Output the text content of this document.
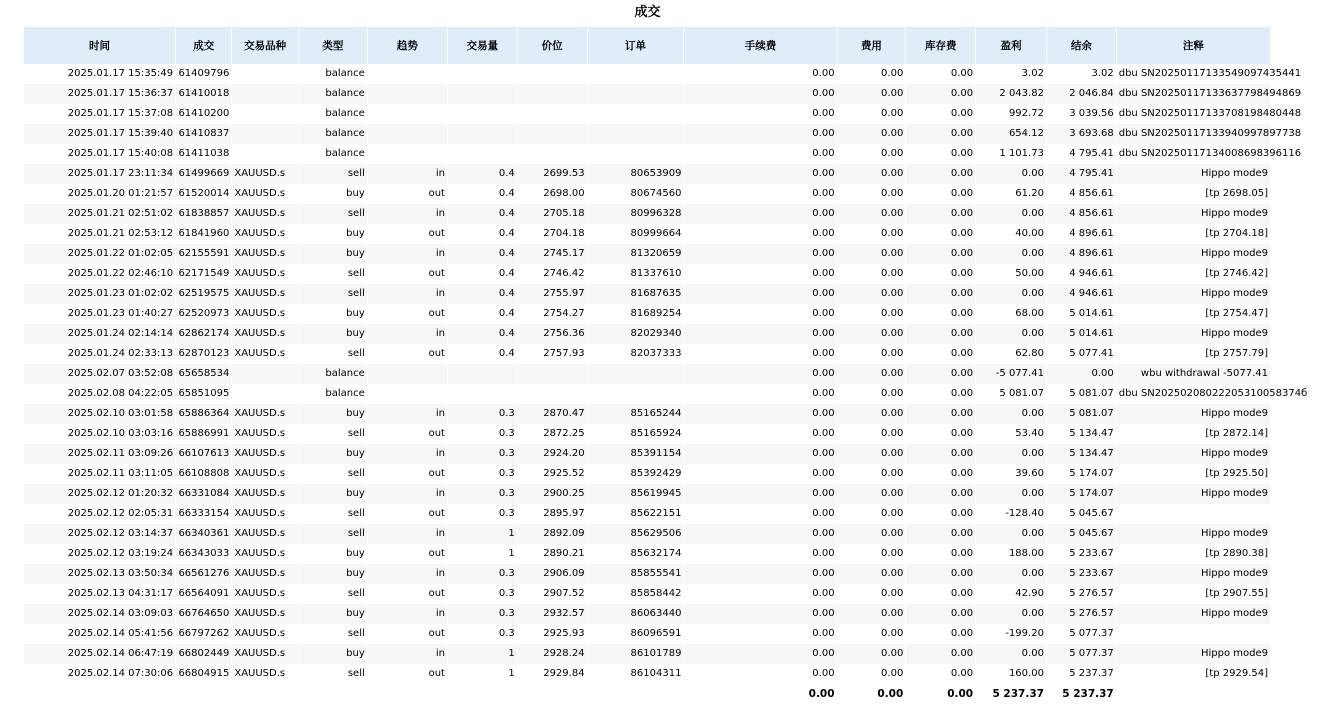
成交
时间	成交	交易品种	类型	趋势	交易量	价位	订单	手续费	费用	库存费	盈利	结余	注释
2025.01.17 15:35:49	61409796		balance					0.00	0.00	0.00	3.02	3.02	dbu SN20250117133549097435441
2025.01.17 15:36:37	61410018		balance					0.00	0.00	0.00	2 043.82	2 046.84	dbu SN20250117133637798494869
2025.01.17 15:37:08	61410200		balance					0.00	0.00	0.00	992.72	3 039.56	dbu SN20250117133708198480448
2025.01.17 15:39:40	61410837		balance					0.00	0.00	0.00	654.12	3 693.68	dbu SN20250117133940997897738
2025.01.17 15:40:08	61411038		balance					0.00	0.00	0.00	1 101.73	4 795.41	dbu SN20250117134008698396116
2025.01.17 23:11:34	61499669	XAUUSD.s	sell	in	0.4	2699.53	80653909	0.00	0.00	0.00	0.00	4 795.41	Hippo mode9
2025.01.20 01:21:57	61520014	XAUUSD.s	buy	out	0.4	2698.00	80674560	0.00	0.00	0.00	61.20	4 856.61	[tp 2698.05]
2025.01.21 02:51:02	61838857	XAUUSD.s	sell	in	0.4	2705.18	80996328	0.00	0.00	0.00	0.00	4 856.61	Hippo mode9
2025.01.21 02:53:12	61841960	XAUUSD.s	buy	out	0.4	2704.18	80999664	0.00	0.00	0.00	40.00	4 896.61	[tp 2704.18]
2025.01.22 01:02:05	62155591	XAUUSD.s	buy	in	0.4	2745.17	81320659	0.00	0.00	0.00	0.00	4 896.61	Hippo mode9
2025.01.22 02:46:10	62171549	XAUUSD.s	sell	out	0.4	2746.42	81337610	0.00	0.00	0.00	50.00	4 946.61	[tp 2746.42]
2025.01.23 01:02:02	62519575	XAUUSD.s	sell	in	0.4	2755.97	81687635	0.00	0.00	0.00	0.00	4 946.61	Hippo mode9
2025.01.23 01:40:27	62520973	XAUUSD.s	buy	out	0.4	2754.27	81689254	0.00	0.00	0.00	68.00	5 014.61	[tp 2754.47]
2025.01.24 02:14:14	62862174	XAUUSD.s	buy	in	0.4	2756.36	82029340	0.00	0.00	0.00	0.00	5 014.61	Hippo mode9
2025.01.24 02:33:13	62870123	XAUUSD.s	sell	out	0.4	2757.93	82037333	0.00	0.00	0.00	62.80	5 077.41	[tp 2757.79]
2025.02.07 03:52:08	65658534		balance					0.00	0.00	0.00	-5 077.41	0.00	wbu withdrawal -5077.41
2025.02.08 04:22:05	65851095		balance					0.00	0.00	0.00	5 081.07	5 081.07	dbu SN20250208022205310058374б
2025.02.10 03:01:58	65886364	XAUUSD.s	buy	in	0.3	2870.47	85165244	0.00	0.00	0.00	0.00	5 081.07	Hippo mode9
2025.02.10 03:03:16	65886991	XAUUSD.s	sell	out	0.3	2872.25	85165924	0.00	0.00	0.00	53.40	5 134.47	[tp 2872.14]
2025.02.11 03:09:26	66107613	XAUUSD.s	buy	in	0.3	2924.20	85391154	0.00	0.00	0.00	0.00	5 134.47	Hippo mode9
2025.02.11 03:11:05	66108808	XAUUSD.s	sell	out	0.3	2925.52	85392429	0.00	0.00	0.00	39.60	5 174.07	[tp 2925.50]
2025.02.12 01:20:32	66331084	XAUUSD.s	buy	in	0.3	2900.25	85619945	0.00	0.00	0.00	0.00	5 174.07	Hippo mode9
2025.02.12 02:05:31	66333154	XAUUSD.s	sell	out	0.3	2895.97	85622151	0.00	0.00	0.00	-128.40	5 045.67	
2025.02.12 03:14:37	66340361	XAUUSD.s	sell	in	1	2892.09	85629506	0.00	0.00	0.00	0.00	5 045.67	Hippo mode9
2025.02.12 03:19:24	66343033	XAUUSD.s	buy	out	1	2890.21	85632174	0.00	0.00	0.00	188.00	5 233.67	[tp 2890.38]
2025.02.13 03:50:34	66561276	XAUUSD.s	buy	in	0.3	2906.09	85855541	0.00	0.00	0.00	0.00	5 233.67	Hippo mode9
2025.02.13 04:31:17	66564091	XAUUSD.s	sell	out	0.3	2907.52	85858442	0.00	0.00	0.00	42.90	5 276.57	[tp 2907.55]
2025.02.14 03:09:03	66764650	XAUUSD.s	buy	in	0.3	2932.57	86063440	0.00	0.00	0.00	0.00	5 276.57	Hippo mode9
2025.02.14 05:41:56	66797262	XAUUSD.s	sell	out	0.3	2925.93	86096591	0.00	0.00	0.00	-199.20	5 077.37	
2025.02.14 06:47:19	66802449	XAUUSD.s	buy	in	1	2928.24	86101789	0.00	0.00	0.00	0.00	5 077.37	Hippo mode9
2025.02.14 07:30:06	66804915	XAUUSD.s	sell	out	1	2929.84	86104311	0.00	0.00	0.00	160.00	5 237.37	[tp 2929.54]
								0.00	0.00	0.00	5 237.37	5 237.37	
